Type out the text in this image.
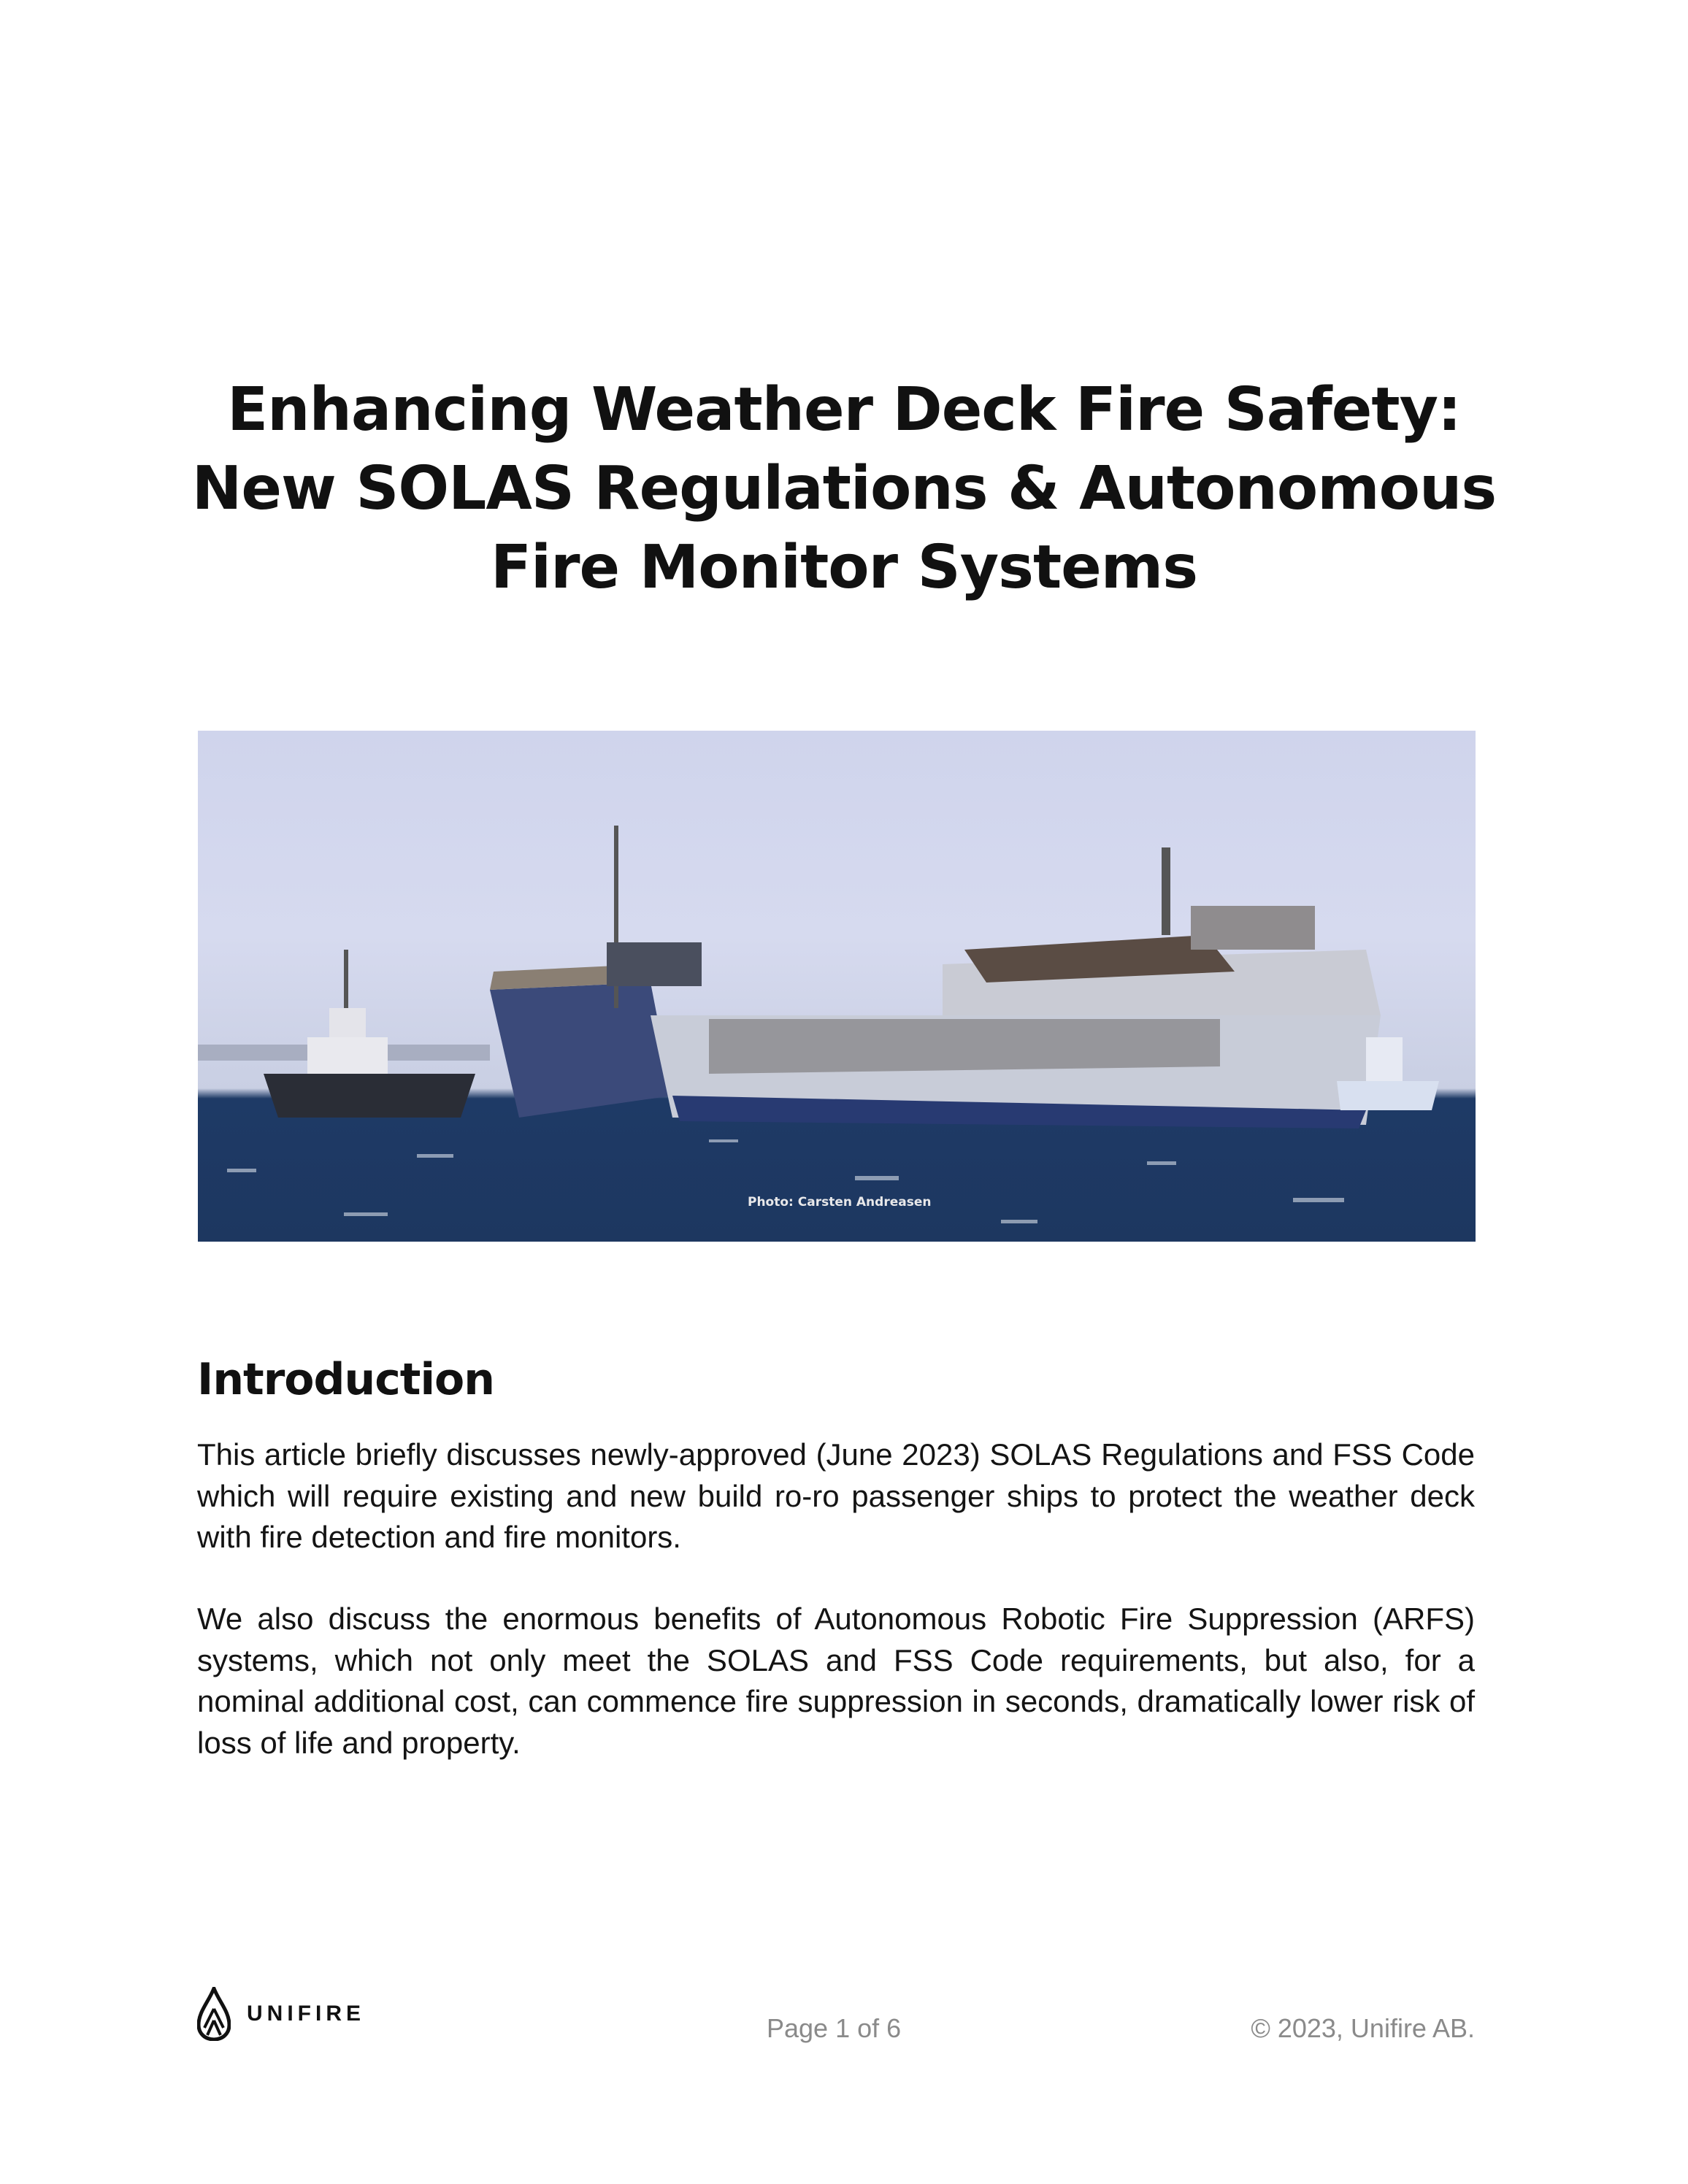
Enhancing Weather Deck Fire Safety:
New SOLAS Regulations & Autonomous
Fire Monitor Systems
Photo: Carsten Andreasen
Introduction
This article briefly discusses newly-approved (June 2023) SOLAS Regulations and FSS Code which will require existing and new build ro-ro passenger ships to protect the weather deck with fire detection and fire monitors.
We also discuss the enormous benefits of Autonomous Robotic Fire Suppression (ARFS) systems, which not only meet the SOLAS and FSS Code requirements, but also, for a nominal additional cost, can commence fire suppression in seconds, dramatically lower risk of loss of life and property.
UNIFIRE	Page 1 of 6	© 2023, Unifire AB.
